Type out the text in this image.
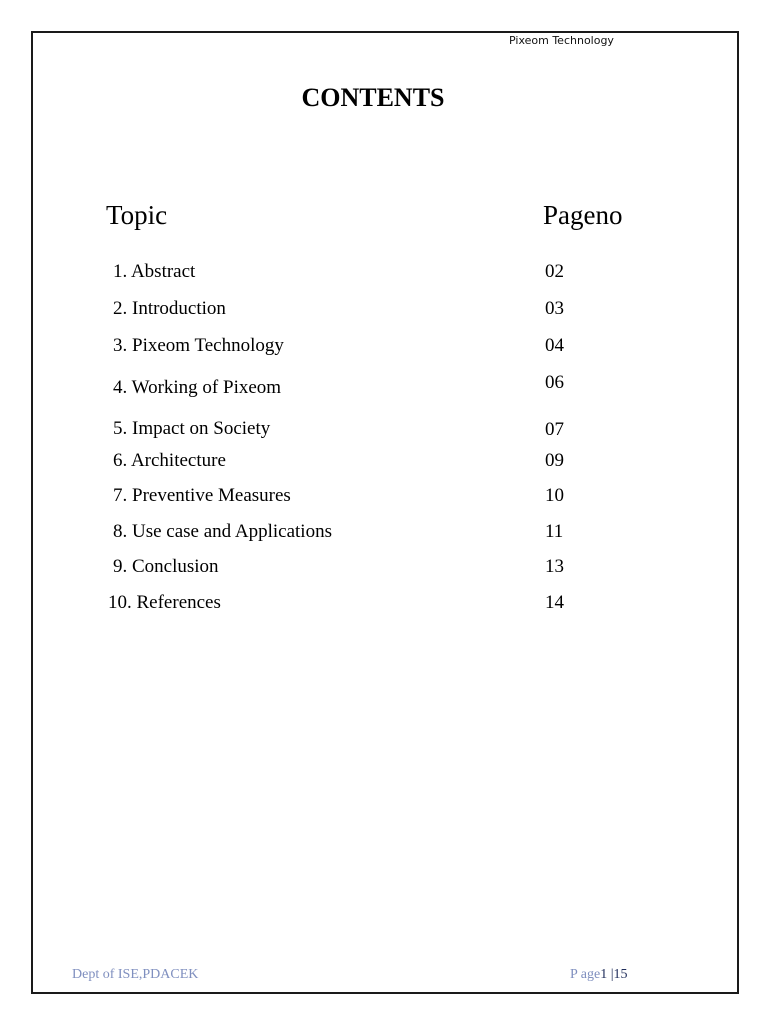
Pixeom Technology
CONTENTS
Topic	Pageno
1. Abstract	02
2. Introduction	03
3. Pixeom Technology	04
4. Working of Pixeom	06
5. Impact on Society	07
6. Architecture	09
7. Preventive Measures	10
8. Use case and Applications	11
9. Conclusion	13
10. References	14
Dept of ISE,PDACEK	P age1 |15
